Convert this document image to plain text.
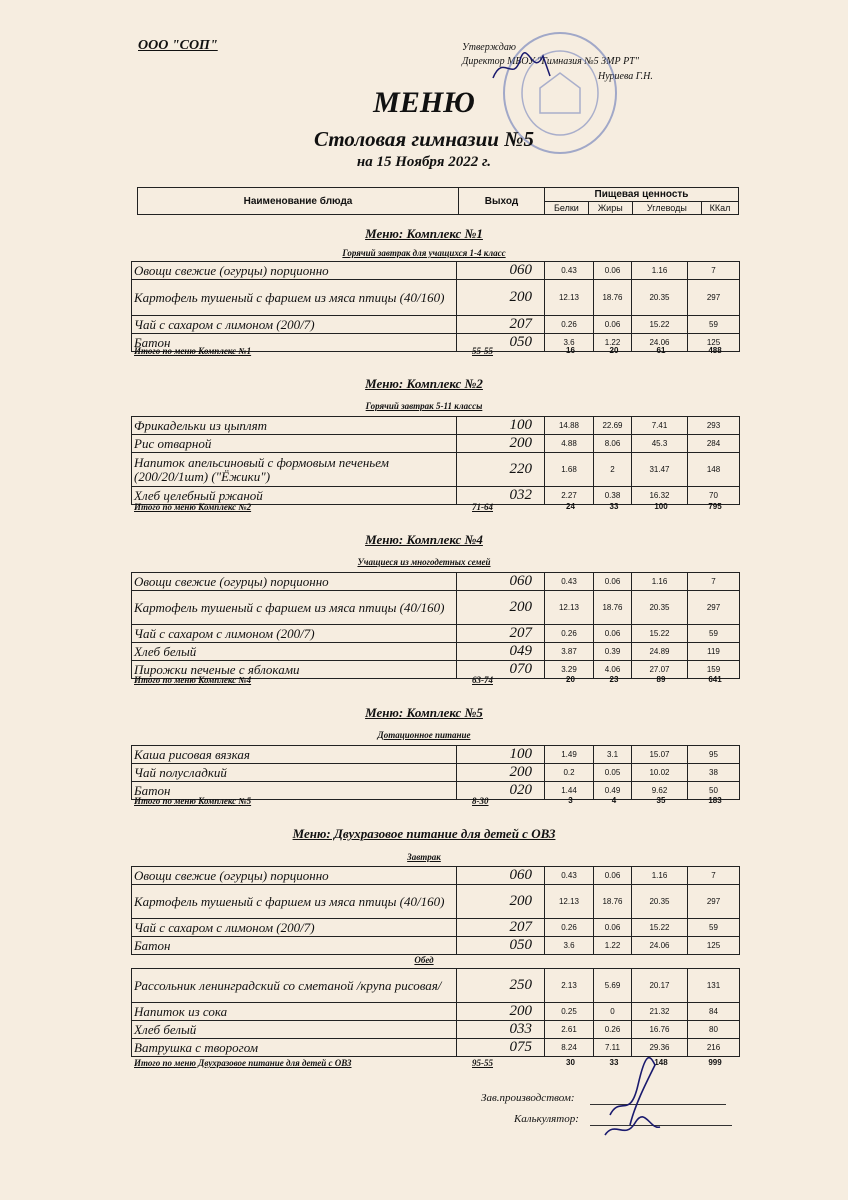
ООО "СОП"	Утверждаю
Директор МБОУ "Гимназия №5 ЗМР РТ"
Нуриева Г.Н.
МЕНЮ
Столовая гимназии №5
на 15 Ноября 2022 г.
Наименование блюда	Выход	Пищевая ценность			
		Белки	Жиры	Углеводы	ККал
Меню: Комплекс №1
Горячий завтрак для учащихся 1-4 класс
Овощи свежие (огурцы) порционно	060	0.43	0.06	1.16	7
Картофель тушеный с фаршем из мяса птицы (40/160)	200	12.13	18.76	20.35	297
Чай с сахаром с лимоном (200/7)	207	0.26	0.06	15.22	59
Батон	050	3.6	1.22	24.06	125
Итого по меню Комплекс №1	55-55	16	20	61	488
Меню: Комплекс №2
Горячий завтрак 5-11 классы
Фрикадельки из цыплят	100	14.88	22.69	7.41	293
Рис отварной	200	4.88	8.06	45.3	284
Напиток апельсиновый с формовым печеньем (200/20/1шт) ("Ёжики")	220	1.68	2	31.47	148
Хлеб целебный ржаной	032	2.27	0.38	16.32	70
Итого по меню Комплекс №2	71-64	24	33	100	795
Меню: Комплекс №4
Учащиеся из многодетных семей
Овощи свежие (огурцы) порционно	060	0.43	0.06	1.16	7
Картофель тушеный с фаршем из мяса птицы (40/160)	200	12.13	18.76	20.35	297
Чай с сахаром с лимоном (200/7)	207	0.26	0.06	15.22	59
Хлеб белый	049	3.87	0.39	24.89	119
Пирожки печеные с яблоками	070	3.29	4.06	27.07	159
Итого по меню Комплекс №4	63-74	20	23	89	641
Меню: Комплекс №5
Дотационное питание
Каша рисовая вязкая	100	1.49	3.1	15.07	95
Чай полусладкий	200	0.2	0.05	10.02	38
Батон	020	1.44	0.49	9.62	50
Итого по меню Комплекс №5	8-30	3	4	35	183
Меню: Двухразовое питание для детей с ОВЗ
Завтрак
Овощи свежие (огурцы) порционно	060	0.43	0.06	1.16	7
Картофель тушеный с фаршем из мяса птицы (40/160)	200	12.13	18.76	20.35	297
Чай с сахаром с лимоном (200/7)	207	0.26	0.06	15.22	59
Батон	050	3.6	1.22	24.06	125
Обед
Рассольник ленинградский со сметаной /крупа рисовая/	250	2.13	5.69	20.17	131
Напиток из сока	200	0.25	0	21.32	84
Хлеб белый	033	2.61	0.26	16.76	80
Ватрушка с творогом	075	8.24	7.11	29.36	216
Итого по меню Двухразовое питание для детей с ОВЗ	95-55	30	33	148	999
Зав.производством:
Калькулятор:
